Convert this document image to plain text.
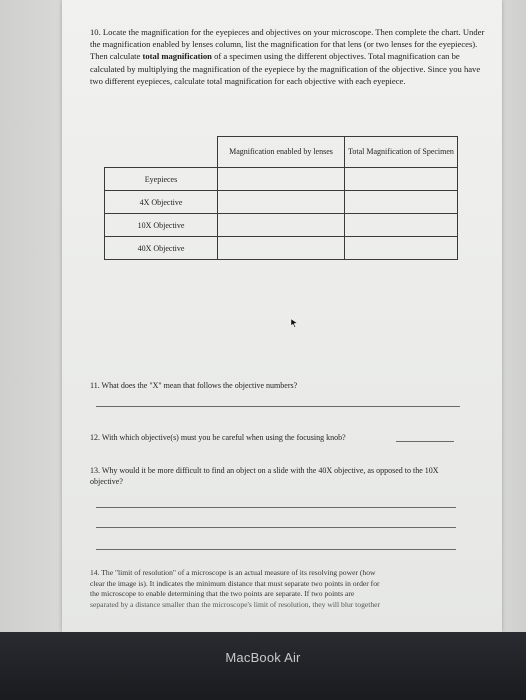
10. Locate the magnification for the eyepieces and objectives on your microscope. Then complete the chart. Under the magnification enabled by lenses column, list the magnification for that lens (or two lenses for the eyepieces). Then calculate total magnification of a specimen using the different objectives. Total magnification can be calculated by multiplying the magnification of the eyepiece by the magnification of the objective. Since you have two different eyepieces, calculate total magnification for each objective with each eyepiece.
	Magnification enabled by lenses	Total Magnification of Specimen
Eyepieces		
4X Objective		
10X Objective		
40X Objective		
11. What does the "X" mean that follows the objective numbers?
12. With which objective(s) must you be careful when using the focusing knob?
13. Why would it be more difficult to find an object on a slide with the 40X objective, as opposed to the 10X objective?
14. The "limit of resolution" of a microscope is an actual measure of its resolving power (how
clear the image is). It indicates the minimum distance that must separate two points in order for
the microscope to enable determining that the two points are separate. If two points are
separated by a distance smaller than the microscope's limit of resolution, they will blur together
MacBook Air
